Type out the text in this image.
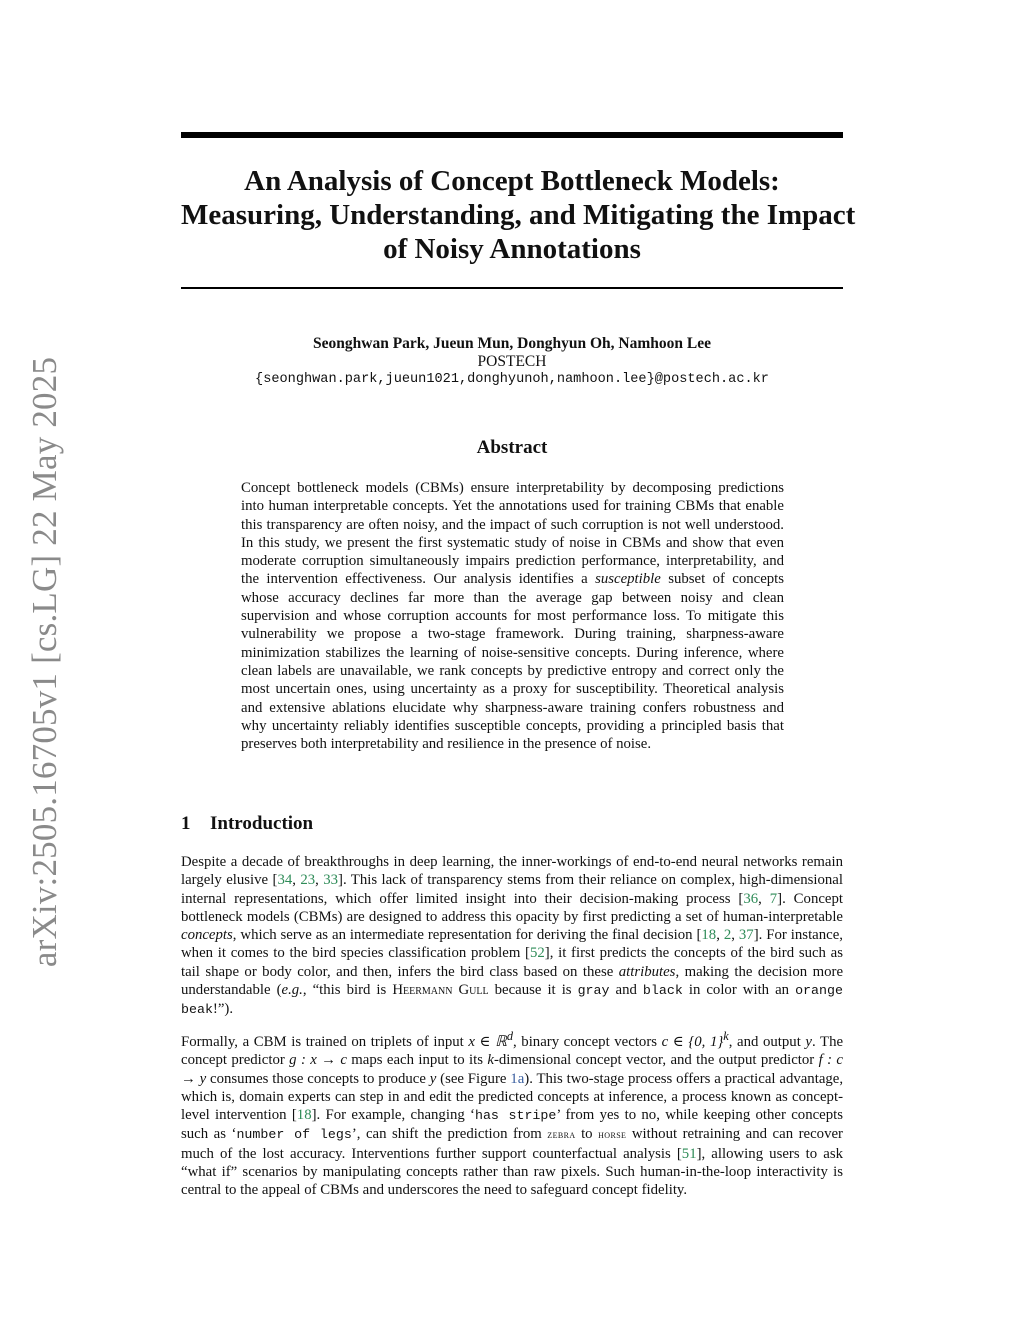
arXiv:2505.16705v1 [cs.LG] 22 May 2025
An Analysis of Concept Bottleneck Models:
Measuring, Understanding, and Mitigating the Impact
of Noisy Annotations
Seonghwan Park, Jueun Mun, Donghyun Oh, Namhoon Lee
POSTECH
{seonghwan.park,jueun1021,donghyunoh,namhoon.lee}@postech.ac.kr
Abstract
Concept bottleneck models (CBMs) ensure interpretability by decomposing predictions into human interpretable concepts. Yet the annotations used for training CBMs that enable this transparency are often noisy, and the impact of such corruption is not well understood. In this study, we present the first systematic study of noise in CBMs and show that even moderate corruption simultaneously impairs prediction performance, interpretability, and the intervention effectiveness. Our analysis identifies a susceptible subset of concepts whose accuracy declines far more than the average gap between noisy and clean supervision and whose corruption accounts for most performance loss. To mitigate this vulnerability we propose a two-stage framework. During training, sharpness-aware minimization stabilizes the learning of noise-sensitive concepts. During inference, where clean labels are unavailable, we rank concepts by predictive entropy and correct only the most uncertain ones, using uncertainty as a proxy for susceptibility. Theoretical analysis and extensive ablations elucidate why sharpness-aware training confers robustness and why uncertainty reliably identifies susceptible concepts, providing a principled basis that preserves both interpretability and resilience in the presence of noise.
1 Introduction
Despite a decade of breakthroughs in deep learning, the inner-workings of end-to-end neural networks remain largely elusive [34, 23, 33]. This lack of transparency stems from their reliance on complex, high-dimensional internal representations, which offer limited insight into their decision-making process [36, 7]. Concept bottleneck models (CBMs) are designed to address this opacity by first predicting a set of human-interpretable concepts, which serve as an intermediate representation for deriving the final decision [18, 2, 37]. For instance, when it comes to the bird species classification problem [52], it first predicts the concepts of the bird such as tail shape or body color, and then, infers the bird class based on these attributes, making the decision more understandable (e.g., “this bird is Heermann Gull because it is gray and black in color with an orange beak!”).
Formally, a CBM is trained on triplets of input x ∈ ℝ$^d$, binary concept vectors c ∈ {0, 1}$^k$, and output y. The concept predictor g : x → c maps each input to its k-dimensional concept vector, and the output predictor f : c → y consumes those concepts to produce y (see Figure 1a). This two-stage process offers a practical advantage, which is, domain experts can step in and edit the predicted concepts at inference, a process known as concept-level intervention [18]. For example, changing ‘has stripe’ from yes to no, while keeping other concepts such as ‘number of legs’, can shift the prediction from zebra to horse without retraining and can recover much of the lost accuracy. Interventions further support counterfactual analysis [51], allowing users to ask “what if” scenarios by manipulating concepts rather than raw pixels. Such human-in-the-loop interactivity is central to the appeal of CBMs and underscores the need to safeguard concept fidelity.
